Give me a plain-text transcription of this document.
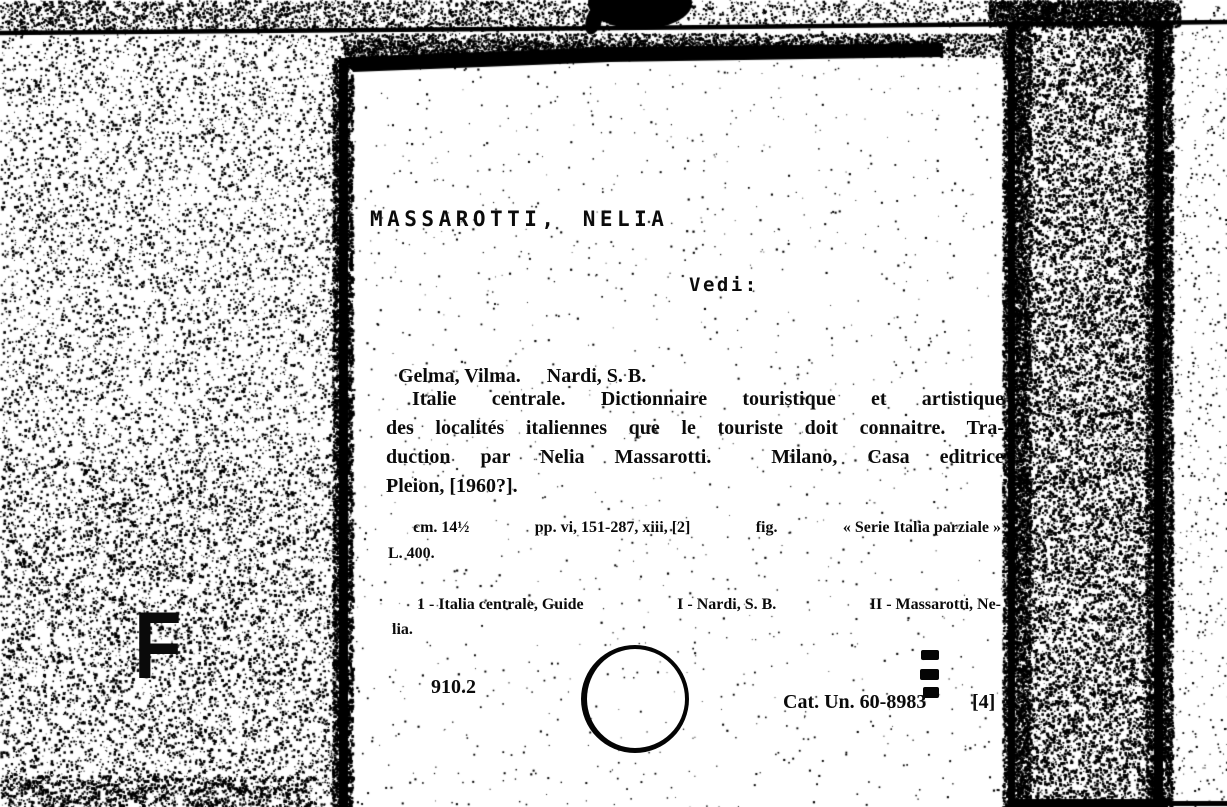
F
MASSAROTTI, NELIA
Vedi:

Gelma, Vilma. Nardi, S. B.

Italie centrale. Dictionnaire touristique et artistique
des localités italiennes que le touriste doit connaitre. Tra-
duction par Nelia Massarotti.  Milano, Casa editrice
Pleion, [1960?].
cm. 14½	pp. vi, 151-287, xiii, [2]	fig.	« Serie Italia parziale »
L. 400.
1 - Italia centrale, Guide	I - Nardi, S. B.	II - Massarotti, Ne-
lia.
910.2
Cat. Un. 60-8983 [4]
